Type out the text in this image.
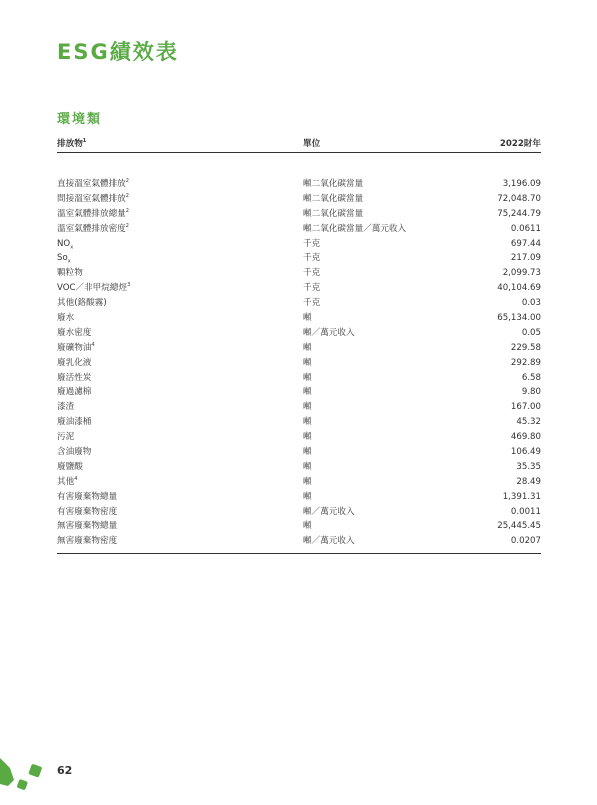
ESG績效表
環境類
排放物$^1$	單位	2022財年
直接溫室氣體排放$^2$	噸二氧化碳當量	3,196.09
間接溫室氣體排放$^2$	噸二氧化碳當量	72,048.70
溫室氣體排放總量$^2$	噸二氧化碳當量	75,244.79
溫室氣體排放密度$^2$	噸二氧化碳當量／萬元收入	0.0611
$NO_x$	千克	697.44
$So_x$	千克	217.09
顆粒物	千克	2,099.73
VOC／非甲烷總烴$^3$	千克	40,104.69
其他(鉻酸霧)	千克	0.03
廢水	噸	65,134.00
廢水密度	噸／萬元收入	0.05
廢礦物油$^4$	噸	229.58
廢乳化液	噸	292.89
廢活性炭	噸	6.58
廢過濾棉	噸	9.80
漆渣	噸	167.00
廢油漆桶	噸	45.32
污泥	噸	469.80
含油廢物	噸	106.49
廢鹽酸	噸	35.35
其他$^4$	噸	28.49
有害廢棄物總量	噸	1,391.31
有害廢棄物密度	噸／萬元收入	0.0011
無害廢棄物總量	噸	25,445.45
無害廢棄物密度	噸／萬元收入	0.0207
62
